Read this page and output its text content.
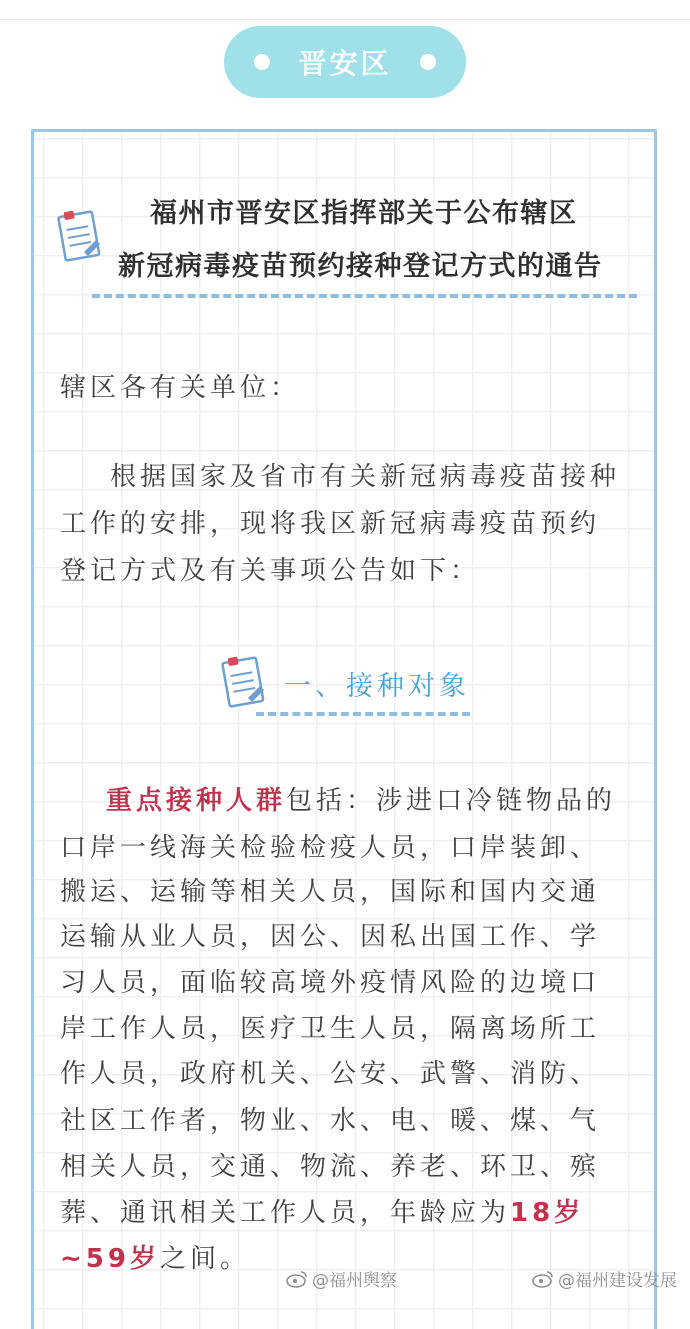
晋安区
福州市晋安区指挥部关于公布辖区
新冠病毒疫苗预约接种登记方式的通告
辖区各有关单位：
根据国家及省市有关新冠病毒疫苗接种
工作的安排，现将我区新冠病毒疫苗预约
登记方式及有关事项公告如下：
一、接种对象
重点接种人群包括：涉进口冷链物品的
口岸一线海关检验检疫人员，口岸装卸、
搬运、运输等相关人员，国际和国内交通
运输从业人员，因公、因私出国工作、学
习人员，面临较高境外疫情风险的边境口
岸工作人员，医疗卫生人员，隔离场所工
作人员，政府机关、公安、武警、消防、
社区工作者，物业、水、电、暖、煤、气
相关人员，交通、物流、养老、环卫、殡
葬、通讯相关工作人员，年龄应为18岁
~59岁之间。
@福州舆察	@福州建设发展
